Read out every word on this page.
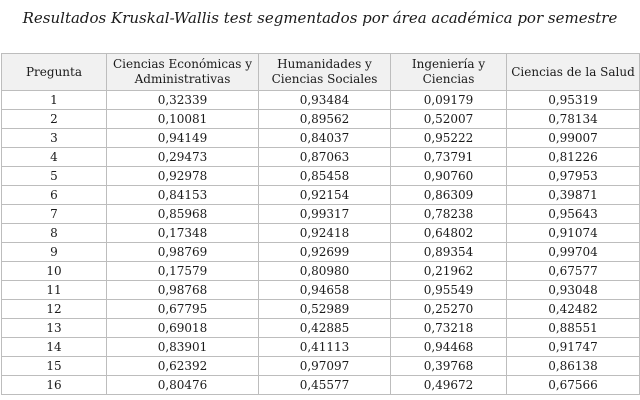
Resultados Kruskal-Wallis test segmentados por área académica por semestre
Pregunta	Ciencias Económicas y Administrativas	Humanidades y Ciencias Sociales	Ingeniería y Ciencias	Ciencias de la Salud
1	0,32339	0,93484	0,09179	0,95319
2	0,10081	0,89562	0,52007	0,78134
3	0,94149	0,84037	0,95222	0,99007
4	0,29473	0,87063	0,73791	0,81226
5	0,92978	0,85458	0,90760	0,97953
6	0,84153	0,92154	0,86309	0,39871
7	0,85968	0,99317	0,78238	0,95643
8	0,17348	0,92418	0,64802	0,91074
9	0,98769	0,92699	0,89354	0,99704
10	0,17579	0,80980	0,21962	0,67577
11	0,98768	0,94658	0,95549	0,93048
12	0,67795	0,52989	0,25270	0,42482
13	0,69018	0,42885	0,73218	0,88551
14	0,83901	0,41113	0,94468	0,91747
15	0,62392	0,97097	0,39768	0,86138
16	0,80476	0,45577	0,49672	0,67566
